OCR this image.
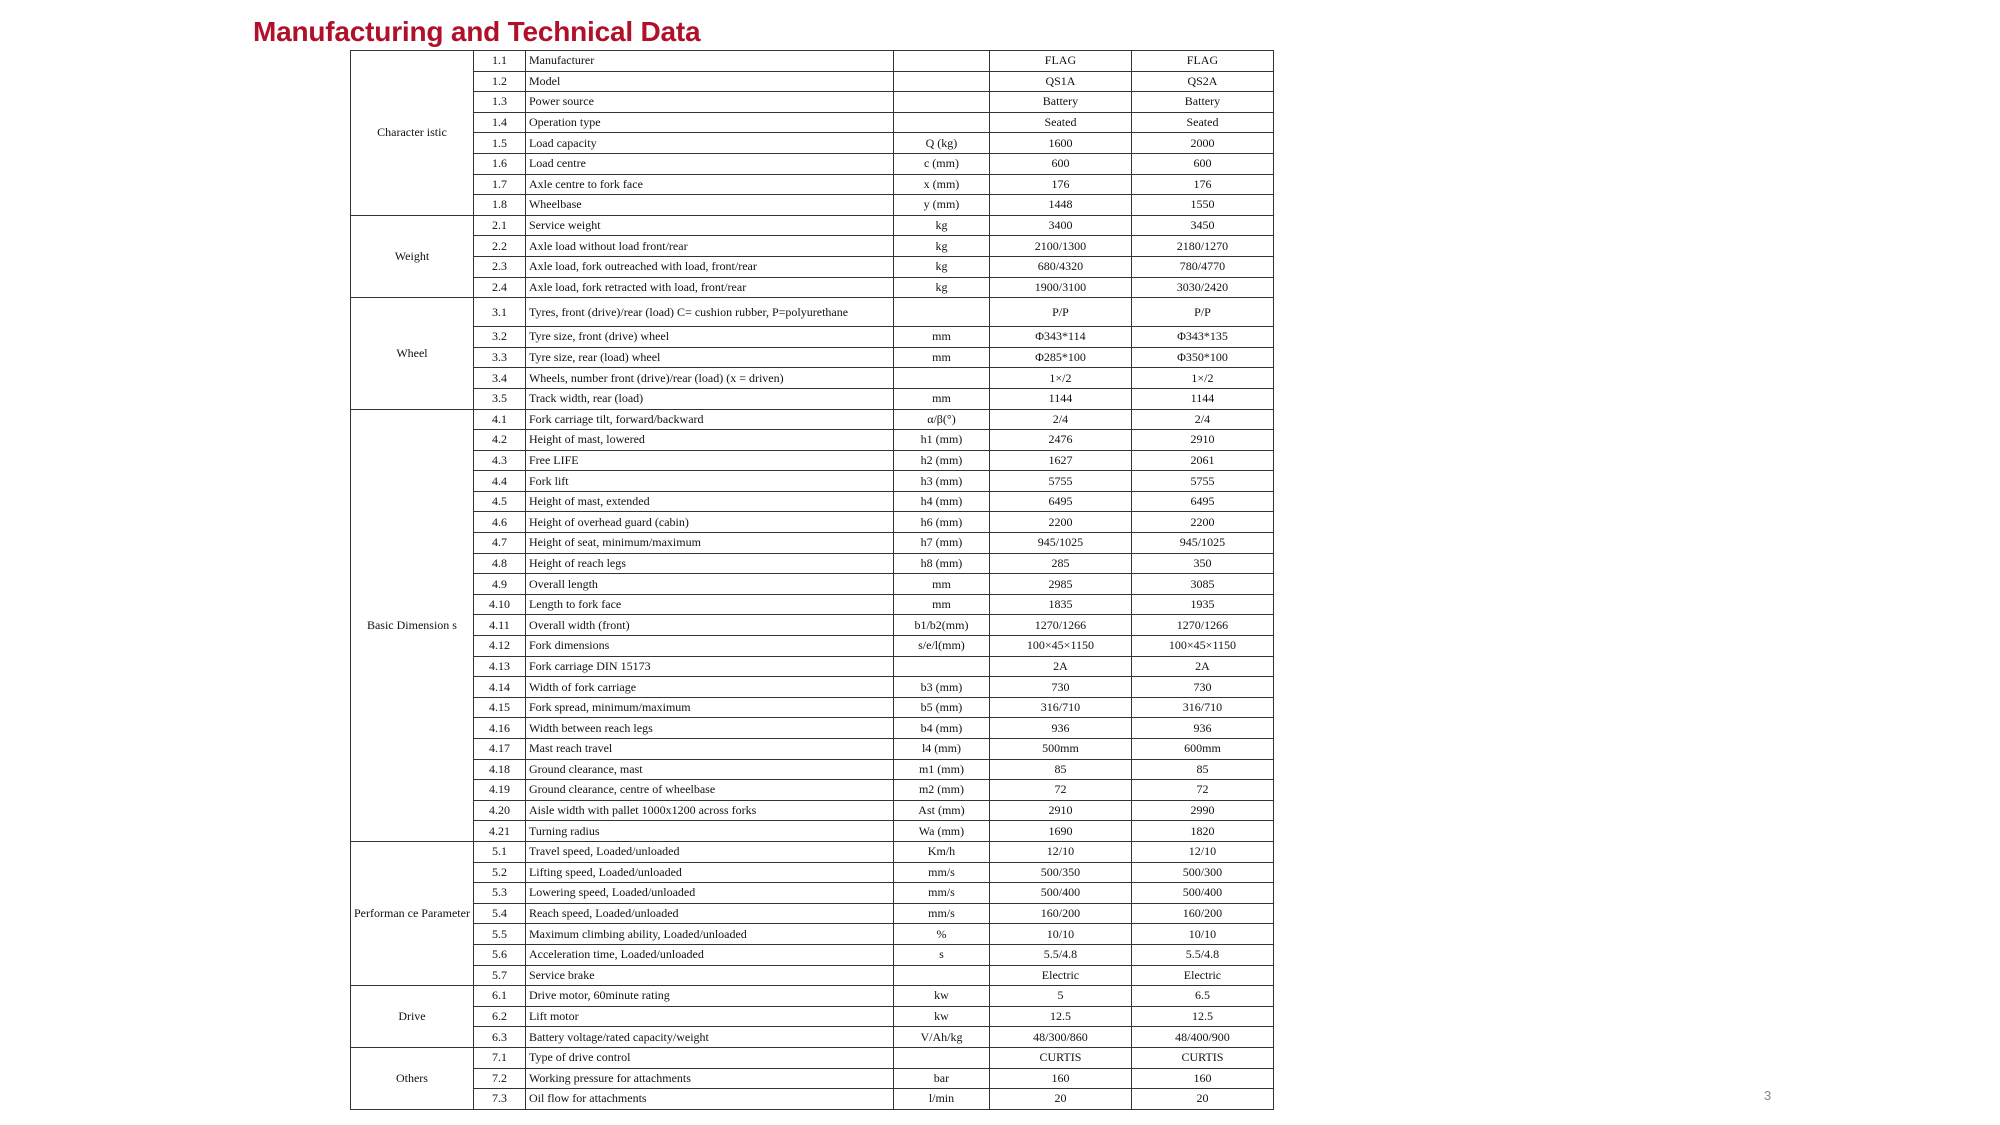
Manufacturing and Technical Data
Character istic	1.1	Manufacturer		FLAG	FLAG
	1.2	Model		QS1A	QS2A
	1.3	Power source		Battery	Battery
	1.4	Operation type		Seated	Seated
	1.5	Load capacity	Q (kg)	1600	2000
	1.6	Load centre	c (mm)	600	600
	1.7	Axle centre to fork face	x (mm)	176	176
	1.8	Wheelbase	y (mm)	1448	1550
Weight	2.1	Service weight	kg	3400	3450
	2.2	Axle load without load front/rear	kg	2100/1300	2180/1270
	2.3	Axle load, fork outreached with load, front/rear	kg	680/4320	780/4770
	2.4	Axle load, fork retracted with load, front/rear	kg	1900/3100	3030/2420
Wheel	3.1	Tyres, front (drive)/rear (load) C= cushion rubber, P=polyurethane		P/P	P/P
	3.2	Tyre size, front (drive) wheel	mm	Φ343*114	Φ343*135
	3.3	Tyre size, rear (load) wheel	mm	Φ285*100	Φ350*100
	3.4	Wheels, number front (drive)/rear (load) (x = driven)		1×/2	1×/2
	3.5	Track width, rear (load)	mm	1144	1144
Basic Dimension s	4.1	Fork carriage tilt, forward/backward	α/β(°)	2/4	2/4
	4.2	Height of mast, lowered	h1 (mm)	2476	2910
	4.3	Free LIFE	h2 (mm)	1627	2061
	4.4	Fork lift	h3 (mm)	5755	5755
	4.5	Height of mast, extended	h4 (mm)	6495	6495
	4.6	Height of overhead guard (cabin)	h6 (mm)	2200	2200
	4.7	Height of seat, minimum/maximum	h7 (mm)	945/1025	945/1025
	4.8	Height of reach legs	h8 (mm)	285	350
	4.9	Overall length	mm	2985	3085
	4.10	Length to fork face	mm	1835	1935
	4.11	Overall width (front)	b1/b2(mm)	1270/1266	1270/1266
	4.12	Fork dimensions	s/e/l(mm)	100×45×1150	100×45×1150
	4.13	Fork carriage DIN 15173		2A	2A
	4.14	Width of fork carriage	b3 (mm)	730	730
	4.15	Fork spread, minimum/maximum	b5 (mm)	316/710	316/710
	4.16	Width between reach legs	b4 (mm)	936	936
	4.17	Mast reach travel	l4 (mm)	500mm	600mm
	4.18	Ground clearance, mast	m1 (mm)	85	85
	4.19	Ground clearance, centre of wheelbase	m2 (mm)	72	72
	4.20	Aisle width with pallet 1000x1200 across forks	Ast (mm)	2910	2990
	4.21	Turning radius	Wa (mm)	1690	1820
Performan ce Parameter	5.1	Travel speed, Loaded/unloaded	Km/h	12/10	12/10
	5.2	Lifting speed, Loaded/unloaded	mm/s	500/350	500/300
	5.3	Lowering speed, Loaded/unloaded	mm/s	500/400	500/400
	5.4	Reach speed, Loaded/unloaded	mm/s	160/200	160/200
	5.5	Maximum climbing ability, Loaded/unloaded	%	10/10	10/10
	5.6	Acceleration time, Loaded/unloaded	s	5.5/4.8	5.5/4.8
	5.7	Service brake		Electric	Electric
Drive	6.1	Drive motor, 60minute rating	kw	5	6.5
	6.2	Lift motor	kw	12.5	12.5
	6.3	Battery voltage/rated capacity/weight	V/Ah/kg	48/300/860	48/400/900
Others	7.1	Type of drive control		CURTIS	CURTIS
	7.2	Working pressure for attachments	bar	160	160
	7.3	Oil flow for attachments	l/min	20	20	3
